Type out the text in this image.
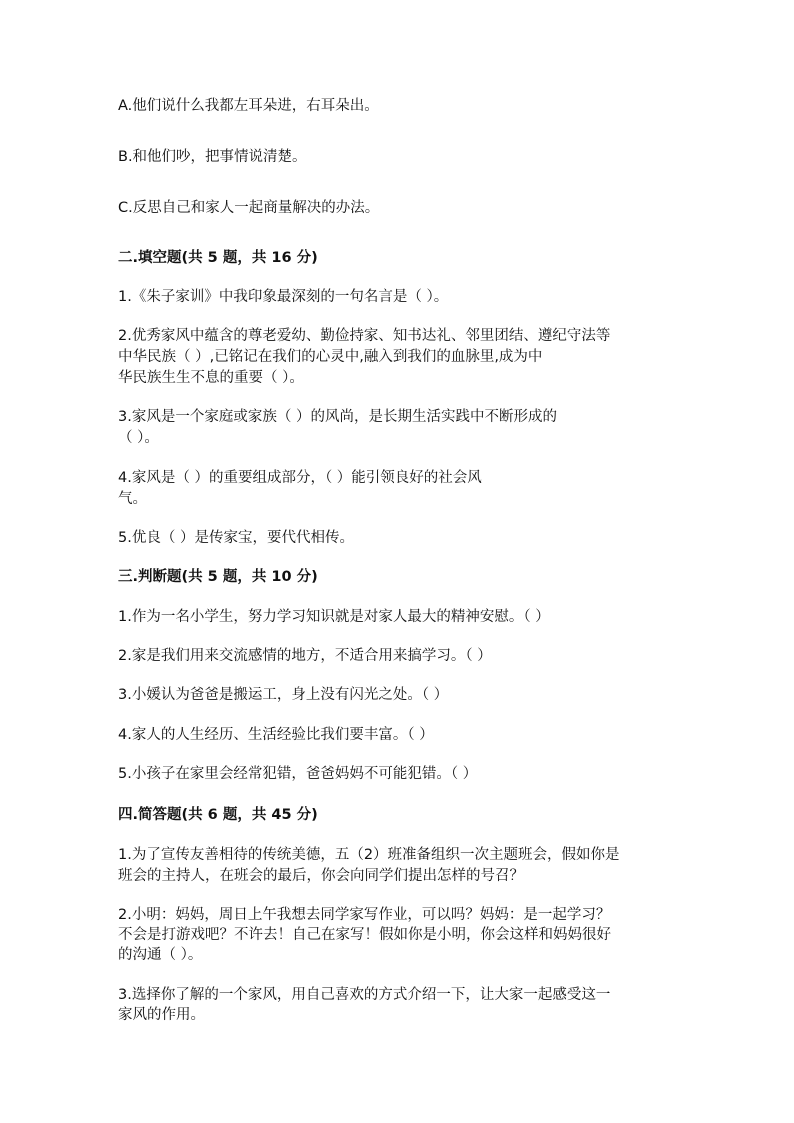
A.他们说什么我都左耳朵进，右耳朵出。
B.和他们吵，把事情说清楚。
C.反思自己和家人一起商量解决的办法。
二.填空题(共 5 题，共 16 分)
1.《朱子家训》中我印象最深刻的一句名言是（ ）。
2.优秀家风中蕴含的尊老爱幼、勤俭持家、知书达礼、邻里团结、遵纪守法等
中华民族（ ）,已铭记在我们的心灵中,融入到我们的血脉里,成为中
华民族生生不息的重要（ ）。
3.家风是一个家庭或家族（ ）的风尚，是长期生活实践中不断形成的
（ ）。
4.家风是（ ）的重要组成部分，（ ）能引领良好的社会风
气。
5.优良（ ）是传家宝，要代代相传。
三.判断题(共 5 题，共 10 分)
1.作为一名小学生，努力学习知识就是对家人最大的精神安慰。（ ）
2.家是我们用来交流感情的地方，不适合用来搞学习。（ ）
3.小媛认为爸爸是搬运工，身上没有闪光之处。（ ）
4.家人的人生经历、生活经验比我们要丰富。（ ）
5.小孩子在家里会经常犯错，爸爸妈妈不可能犯错。（ ）
四.简答题(共 6 题，共 45 分)
1.为了宣传友善相待的传统美德，五（2）班准备组织一次主题班会，假如你是
班会的主持人，在班会的最后，你会向同学们提出怎样的号召？
2.小明：妈妈，周日上午我想去同学家写作业，可以吗？妈妈：是一起学习？
不会是打游戏吧？不许去！自己在家写！假如你是小明，你会这样和妈妈很好
的沟通（ ）。
3.选择你了解的一个家风，用自己喜欢的方式介绍一下，让大家一起感受这一
家风的作用。
